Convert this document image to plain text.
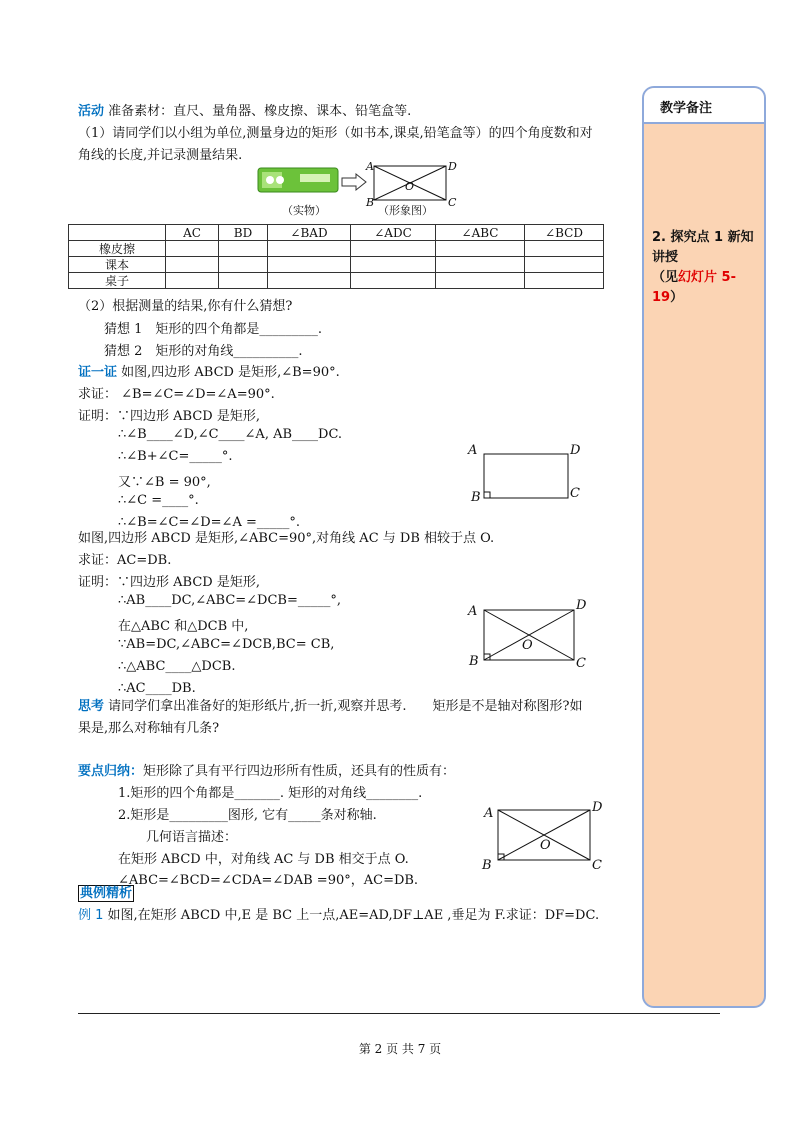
教学备注
2. 探究点 1 新知讲授
（见幻灯片 5-19）
活动 准备素材：直尺、量角器、橡皮擦、课本、铅笔盒等.
（1）请同学们以小组为单位,测量身边的矩形（如书本,课桌,铅笔盒等）的四个角度数和对
角线的长度,并记录测量结果.
A	D
O
B	C
（实物）	（形象图）
	AC	BD	∠BAD	∠ADC	∠ABC	∠BCD
橡皮擦						
课本						
桌子						
（2）根据测量的结果,你有什么猜想?
猜想 1　矩形的四个角都是_________.
猜想 2　矩形的对角线__________.
证一证 如图,四边形 ABCD 是矩形,∠B=90°.
求证： ∠B=∠C=∠D=∠A=90°.
证明：∵四边形 ABCD 是矩形,
∴∠B____∠D,∠C____∠A, AB____DC.
∴∠B+∠C=_____°.
又∵∠B = 90°,
∴∠C =____°.
∴∠B=∠C=∠D=∠A =_____°.
A	D
B	C
如图,四边形 ABCD 是矩形,∠ABC=90°,对角线 AC 与 DB 相较于点 O.
求证：AC=DB.
证明：∵四边形 ABCD 是矩形,
∴AB____DC,∠ABC=∠DCB=_____°,
在△ABC 和△DCB 中,
∵AB=DC,∠ABC=∠DCB,BC= CB,
∴△ABC____△DCB.
∴AC____DB.
A	D
O
B	C
思考 请同学们拿出准备好的矩形纸片,折一折,观察并思考.　　矩形是不是轴对称图形?如
果是,那么对称轴有几条?
要点归纳：矩形除了具有平行四边形所有性质，还具有的性质有：
1.矩形的四个角都是_______. 矩形的对角线________.
2.矩形是_________图形, 它有_____条对称轴.
几何语言描述：
在矩形 ABCD 中，对角线 AC 与 DB 相交于点 O.
∠ABC=∠BCD=∠CDA=∠DAB =90°，AC=DB.
A	D
O
B	C
典例精析
例 1 如图,在矩形 ABCD 中,E 是 BC 上一点,AE=AD,DF⊥AE ,垂足为 F.求证：DF=DC.
第 2 页 共 7 页
